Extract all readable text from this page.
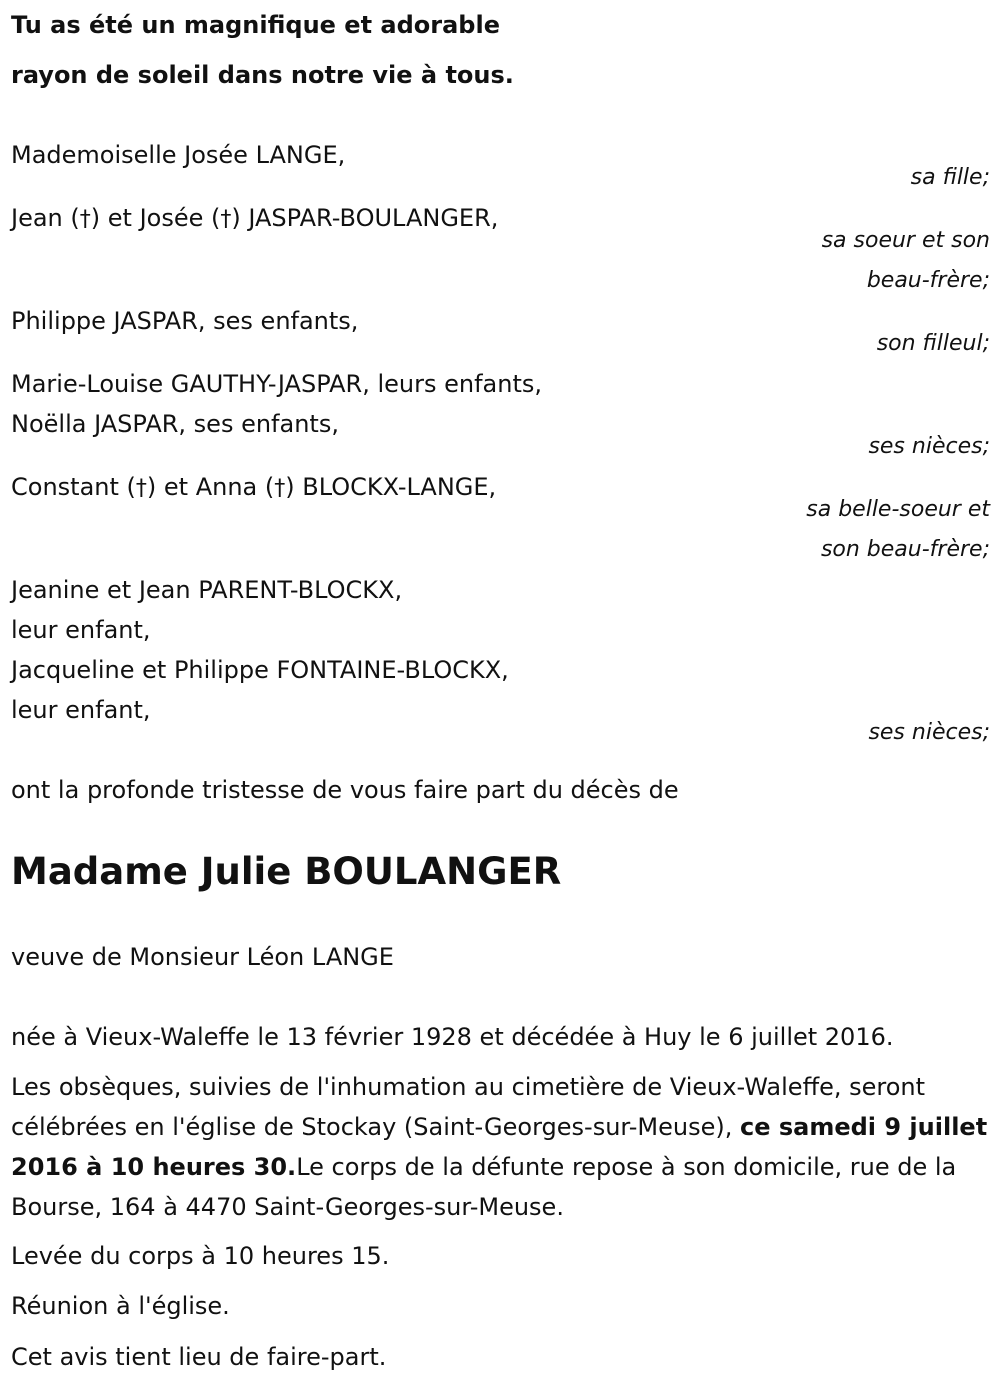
Tu as été un magnifique et adorable
rayon de soleil dans notre vie à tous.
Mademoiselle Josée LANGE,
sa fille;
Jean (†) et Josée (†) JASPAR-BOULANGER,
sa soeur et son
beau-frère;
Philippe JASPAR, ses enfants,
son filleul;
Marie-Louise GAUTHY-JASPAR, leurs enfants,
Noëlla JASPAR, ses enfants,
ses nièces;
Constant (†) et Anna (†) BLOCKX-LANGE,
sa belle-soeur et
son beau-frère;
Jeanine et Jean PARENT-BLOCKX,
leur enfant,
Jacqueline et Philippe FONTAINE-BLOCKX,
leur enfant,
ses nièces;
ont la profonde tristesse de vous faire part du décès de
Madame Julie BOULANGER
veuve de Monsieur Léon LANGE
née à Vieux-Waleffe le 13 février 1928 et décédée à Huy le 6 juillet 2016.
Les obsèques, suivies de l'inhumation au cimetière de Vieux-Waleffe, seront célébrées en l'église de Stockay (Saint-Georges-sur-Meuse), ce samedi 9 juillet 2016 à 10 heures 30.Le corps de la défunte repose à son domicile, rue de la Bourse, 164 à 4470 Saint-Georges-sur-Meuse.
Levée du corps à 10 heures 15.
Réunion à l'église.
Cet avis tient lieu de faire-part.
